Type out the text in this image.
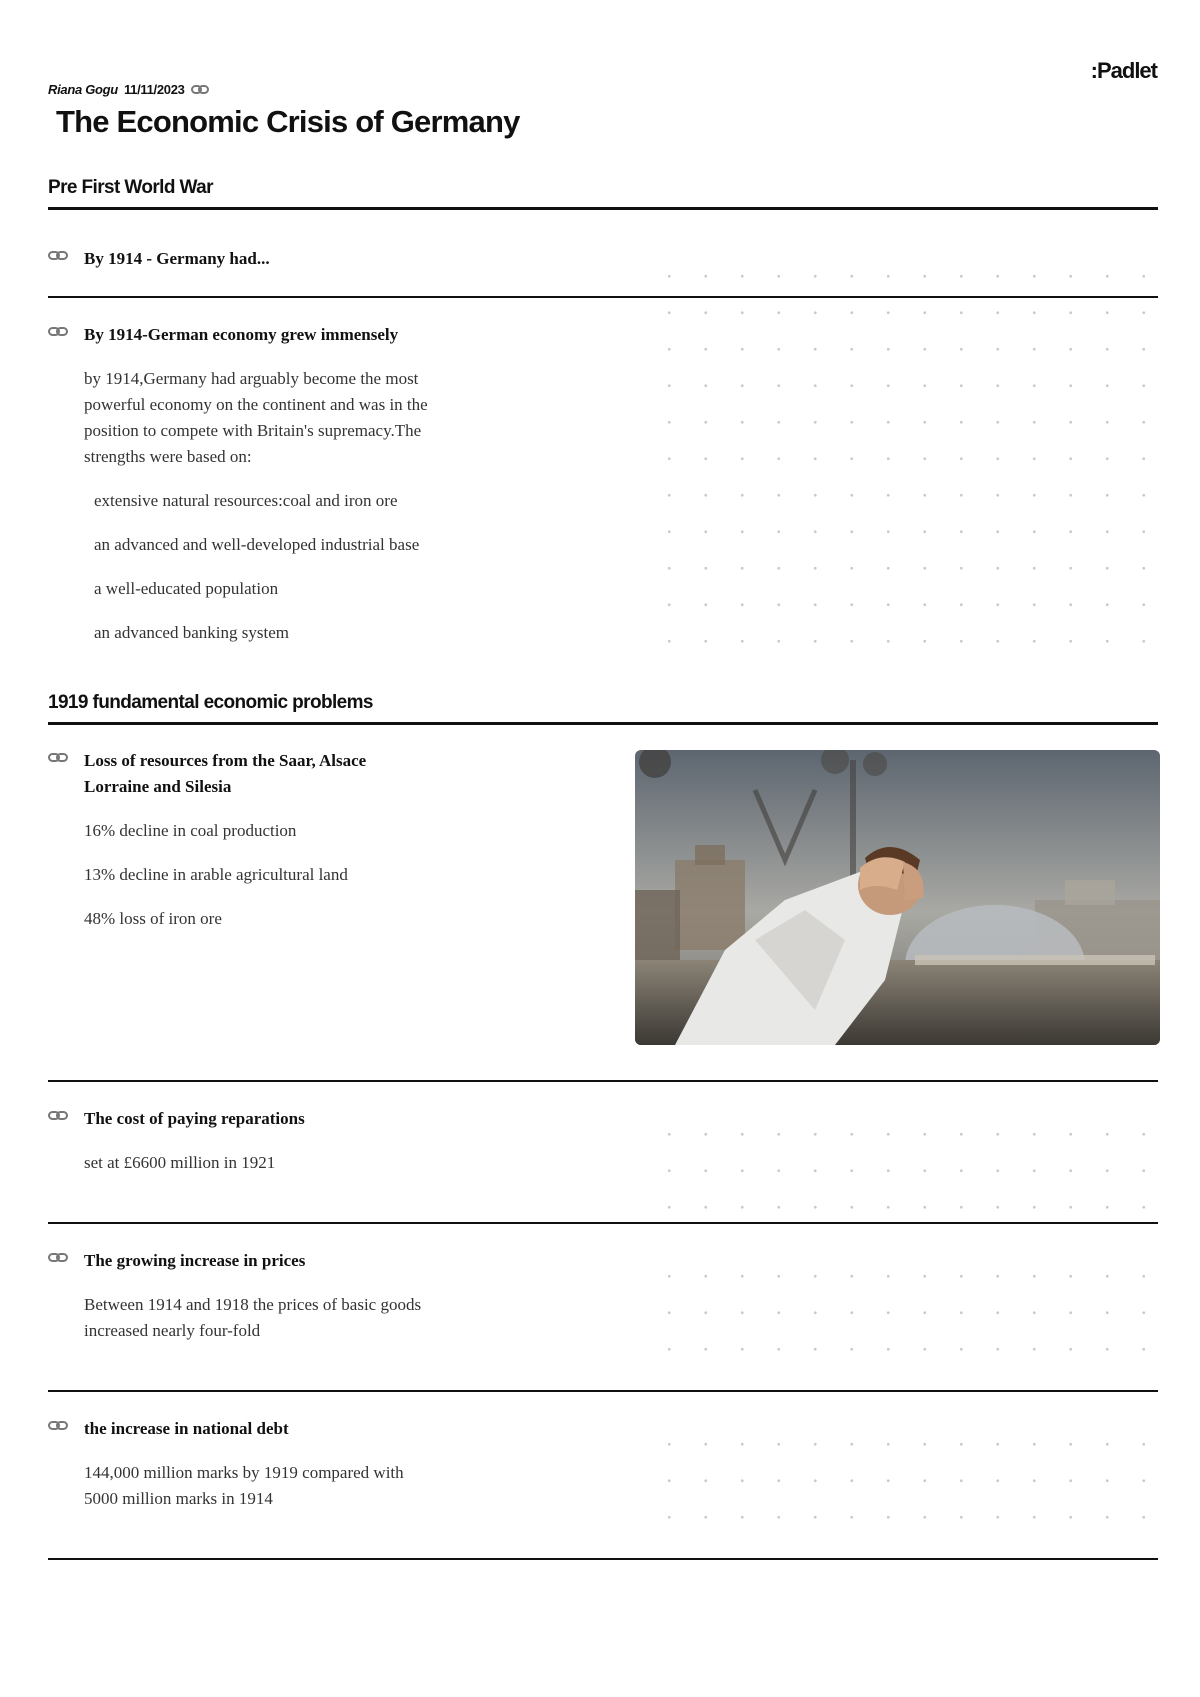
:Padlet
Riana Gogu 11/11/2023
The Economic Crisis of Germany
Pre First World War
By 1914 - Germany had...
By 1914-German economy grew immensely

by 1914,Germany had arguably become the most powerful economy on the continent and was in the position to compete with Britain's supremacy.The strengths were based on:

extensive natural resources:coal and iron ore

an advanced and well-developed industrial base

a well-educated population

an advanced banking system

1919 fundamental economic problems
Loss of resources from the Saar, Alsace Lorraine and Silesia

16% decline in coal production

13% decline in arable agricultural land

48% loss of iron ore

The cost of paying reparations

set at £6600 million in 1921

The growing increase in prices

Between 1914 and 1918 the prices of basic goods increased nearly four-fold

the increase in national debt

144,000 million marks by 1919 compared with 5000 million marks in 1914
